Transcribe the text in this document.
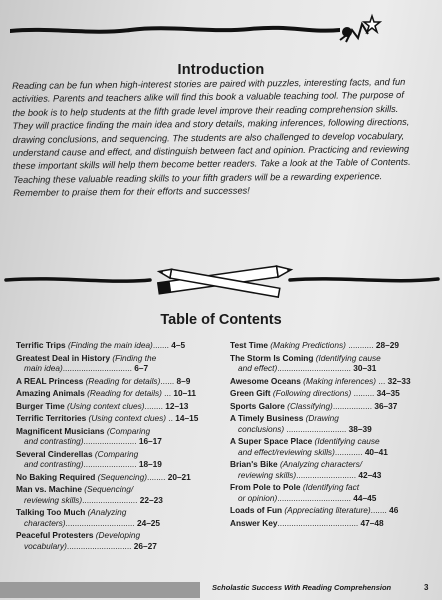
Introduction
Reading can be fun when high-interest stories are paired with puzzles, interesting facts, and fun
activities. Parents and teachers alike will find this book a valuable teaching tool. The purpose of
the book is to help students at the fifth grade level improve their reading comprehension skills.
They will practice finding the main idea and story details, making inferences, following directions,
drawing conclusions, and sequencing. The students are also challenged to develop vocabulary,
understand cause and effect, and distinguish between fact and opinion. Practicing and reviewing
these important skills will help them become better readers. Take a look at the Table of Contents.
Teaching these valuable reading skills to your fifth graders will be a rewarding experience.
Remember to praise them for their efforts and successes!
Table of Contents
Terrific Trips (Finding the main idea)....... 4–5
Greatest Deal in History (Finding the
main idea).............................. 6–7
A REAL Princess (Reading for details)...... 8–9
Amazing Animals (Reading for details) ... 10–11
Burger Time (Using context clues)........ 12–13
Terrific Territories (Using context clues) .. 14–15
Magnificent Musicians (Comparing
and contrasting)....................... 16–17
Several Cinderellas (Comparing
and contrasting)....................... 18–19
No Baking Required (Sequencing)........ 20–21
Man vs. Machine (Sequencing/
reviewing skills)........................ 22–23
Talking Too Much (Analyzing
characters).............................. 24–25
Peaceful Protesters (Developing
vocabulary)............................ 26–27
Test Time (Making Predictions) ........... 28–29
The Storm Is Coming (Identifying cause
and effect)................................ 30–31
Awesome Oceans (Making inferences) ... 32–33
Green Gift (Following directions) ......... 34–35
Sports Galore (Classifying)................. 36–37
A Timely Business (Drawing
conclusions) .......................... 38–39
A Super Space Place (Identifying cause
and effect/reviewing skills)............ 40–41
Brian's Bike (Analyzing characters/
reviewing skills).......................... 42–43
From Pole to Pole (Identifying fact
or opinion)................................ 44–45
Loads of Fun (Appreciating literature)....... 46
Answer Key................................... 47–48
Scholastic Success With Reading Comprehension	3
